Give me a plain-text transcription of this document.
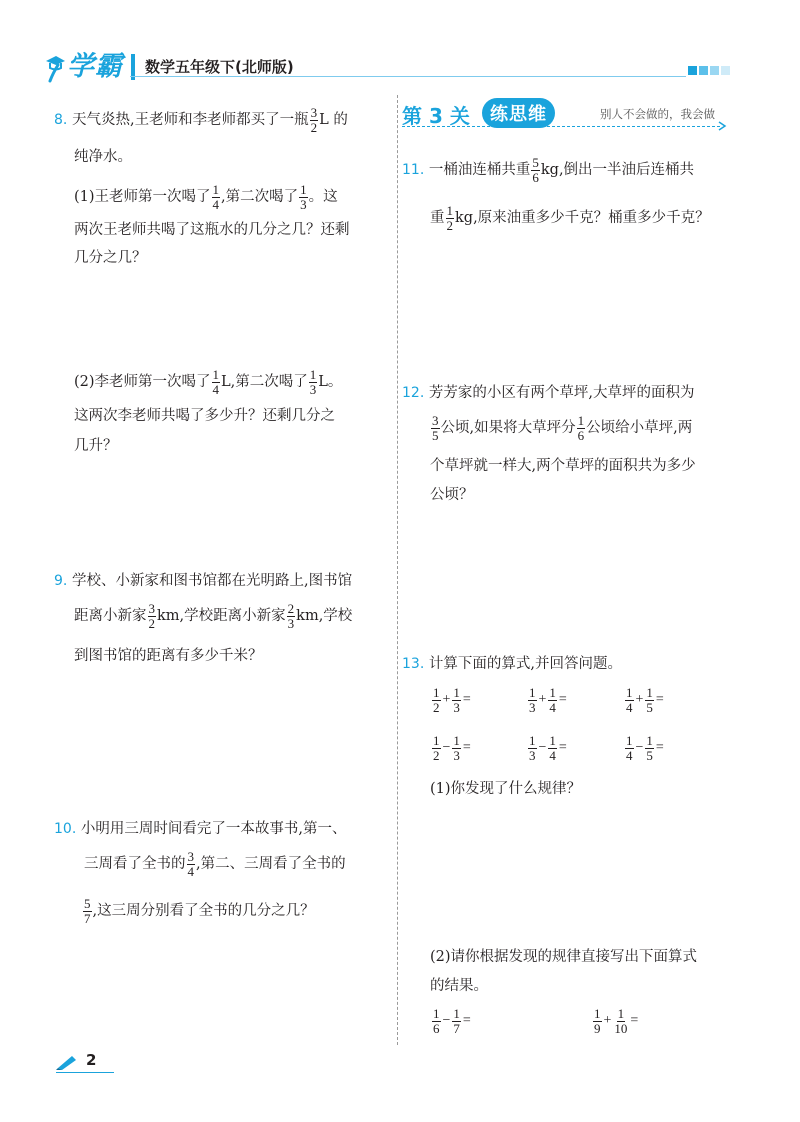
学霸 数学五年级下(北师版)
8. 天气炎热,王老师和李老师都买了一瓶 $\frac{3}{2}$ L 的
纯净水。
(1)王老师第一次喝了 $\frac{1}{4}$ ,第二次喝了 $\frac{1}{3}$ 。这
两次王老师共喝了这瓶水的几分之几？还剩
几分之几？
(2)李老师第一次喝了 $\frac{1}{4} L$,第二次喝了 $\frac{1}{3}$ L。
这两次李老师共喝了多少升？还剩几分之
几升？
9. 学校、小新家和图书馆都在光明路上,图书馆
距离小新家 $\frac{3}{2}$ km,学校距离小新家 $\frac{2}{3}$ km,学校
到图书馆的距离有多少千米？
10. 小明用三周时间看完了一本故事书,第一、
三周看了全书的 $\frac{3}{4}$ ,第二、三周看了全书的
$\frac{5}{7}$ ,这三周分别看了全书的几分之几？
第 3 关	练思维	别人不会做的，我会做
11. 一桶油连桶共重 $\frac{5}{6}$ kg,倒出一半油后连桶共
重 $\frac{1}{2}$ kg,原来油重多少千克？桶重多少千克？
12. 芳芳家的小区有两个草坪,大草坪的面积为
$\frac{3}{5}$ 公顷,如果将大草坪分 $\frac{1}{6}$ 公顷给小草坪,两
个草坪就一样大,两个草坪的面积共为多少
公顷？
13. 计算下面的算式,并回答问题。
$\frac{1}{2} + \frac{1}{3}$ =	$\frac{1}{3} + \frac{1}{4}$ =	$\frac{1}{4} + \frac{1}{5}$ =
$\frac{1}{2} - \frac{1}{3}$ =	$\frac{1}{3} - \frac{1}{4}$ =	$\frac{1}{4} - \frac{1}{5}$ =
(1)你发现了什么规律？
(2)请你根据发现的规律直接写出下面算式
的结果。
$\frac{1}{6} - \frac{1}{7}$ =	$\frac{1}{9} + \frac{1}{10}$ =
2
